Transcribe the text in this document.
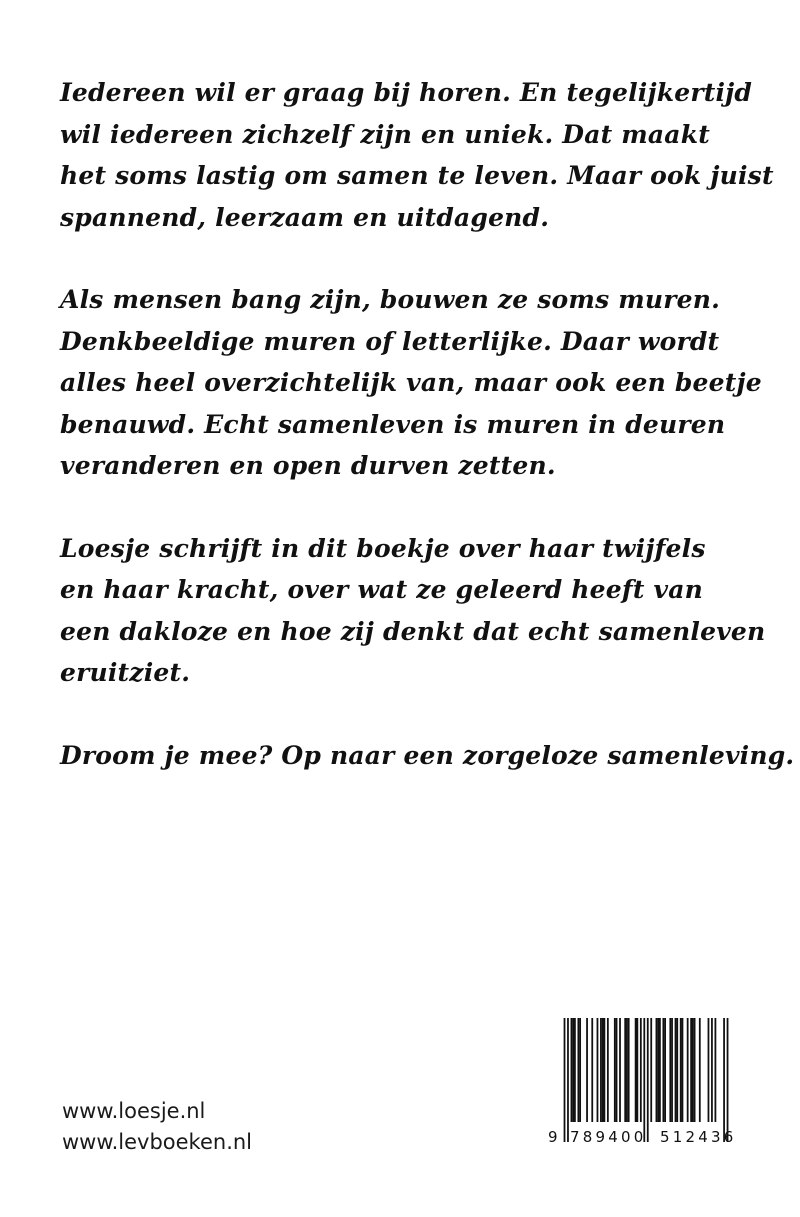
Iedereen wil er graag bij horen. En tegelijkertijd
wil iedereen zichzelf zijn en uniek. Dat maakt
het soms lastig om samen te leven. Maar ook juist
spannend, leerzaam en uitdagend.
Als mensen bang zijn, bouwen ze soms muren.
Denkbeeldige muren of letterlijke. Daar wordt
alles heel overzichtelijk van, maar ook een beetje
benauwd. Echt samenleven is muren in deuren
veranderen en open durven zetten.
Loesje schrijft in dit boekje over haar twijfels
en haar kracht, over wat ze geleerd heeft van
een dakloze en hoe zij denkt dat echt samenleven
eruitziet.
Droom je mee? Op naar een zorgeloze samenleving.
www.loesje.nl
www.levboeken.nl	9 789400 512436
